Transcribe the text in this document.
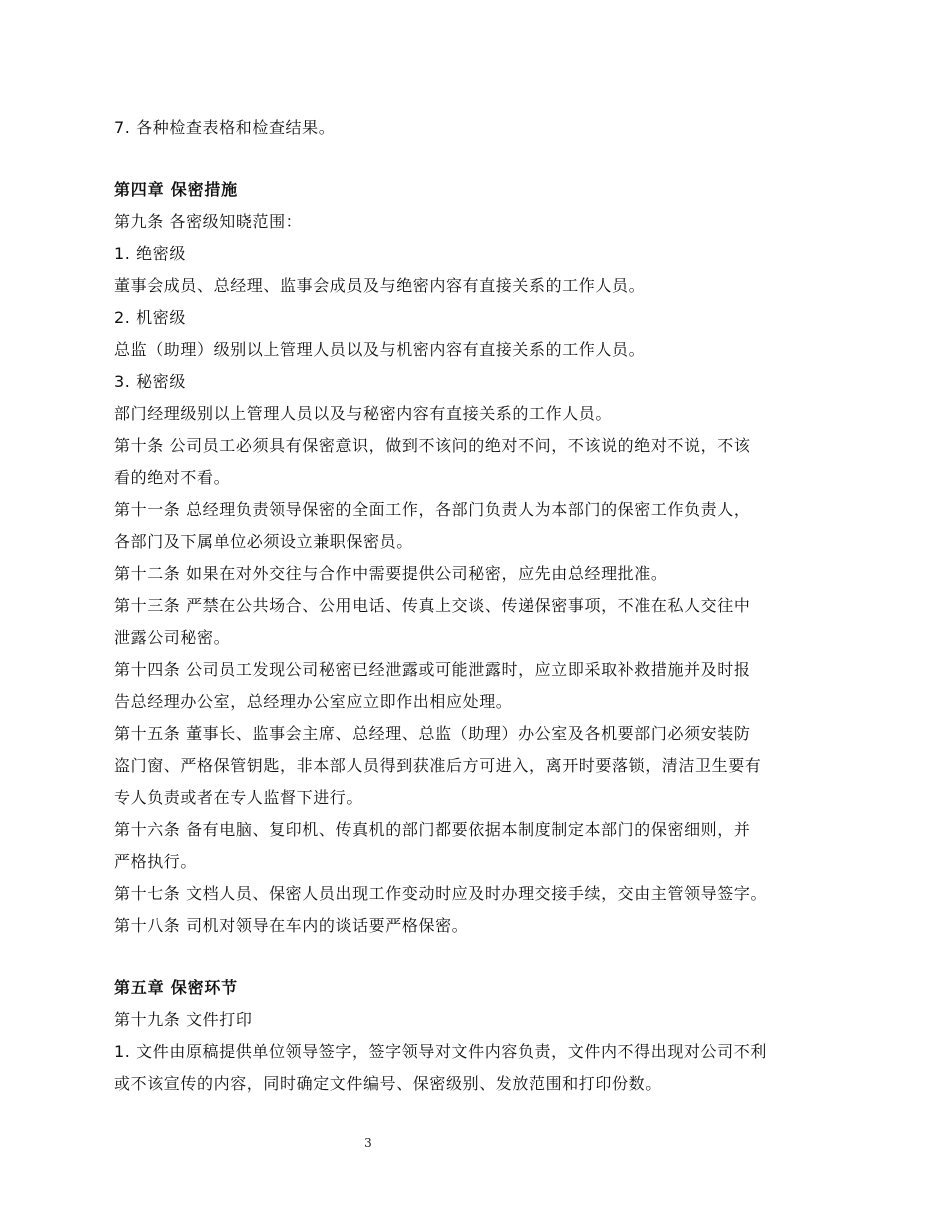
7. 各种检查表格和检查结果。
第四章 保密措施
第九条 各密级知晓范围：
1. 绝密级
董事会成员、总经理、监事会成员及与绝密内容有直接关系的工作人员。
2. 机密级
总监（助理）级别以上管理人员以及与机密内容有直接关系的工作人员。
3. 秘密级
部门经理级别以上管理人员以及与秘密内容有直接关系的工作人员。
第十条 公司员工必须具有保密意识，做到不该问的绝对不问，不该说的绝对不说，不该
看的绝对不看。
第十一条 总经理负责领导保密的全面工作，各部门负责人为本部门的保密工作负责人，
各部门及下属单位必须设立兼职保密员。
第十二条 如果在对外交往与合作中需要提供公司秘密，应先由总经理批准。
第十三条 严禁在公共场合、公用电话、传真上交谈、传递保密事项，不准在私人交往中
泄露公司秘密。
第十四条 公司员工发现公司秘密已经泄露或可能泄露时，应立即采取补救措施并及时报
告总经理办公室，总经理办公室应立即作出相应处理。
第十五条 董事长、监事会主席、总经理、总监（助理）办公室及各机要部门必须安装防
盗门窗、严格保管钥匙，非本部人员得到获准后方可进入，离开时要落锁，清洁卫生要有
专人负责或者在专人监督下进行。
第十六条 备有电脑、复印机、传真机的部门都要依据本制度制定本部门的保密细则，并
严格执行。
第十七条 文档人员、保密人员出现工作变动时应及时办理交接手续，交由主管领导签字。
第十八条 司机对领导在车内的谈话要严格保密。
第五章 保密环节
第十九条 文件打印
1. 文件由原稿提供单位领导签字，签字领导对文件内容负责，文件内不得出现对公司不利
或不该宣传的内容，同时确定文件编号、保密级别、发放范围和打印份数。
3
